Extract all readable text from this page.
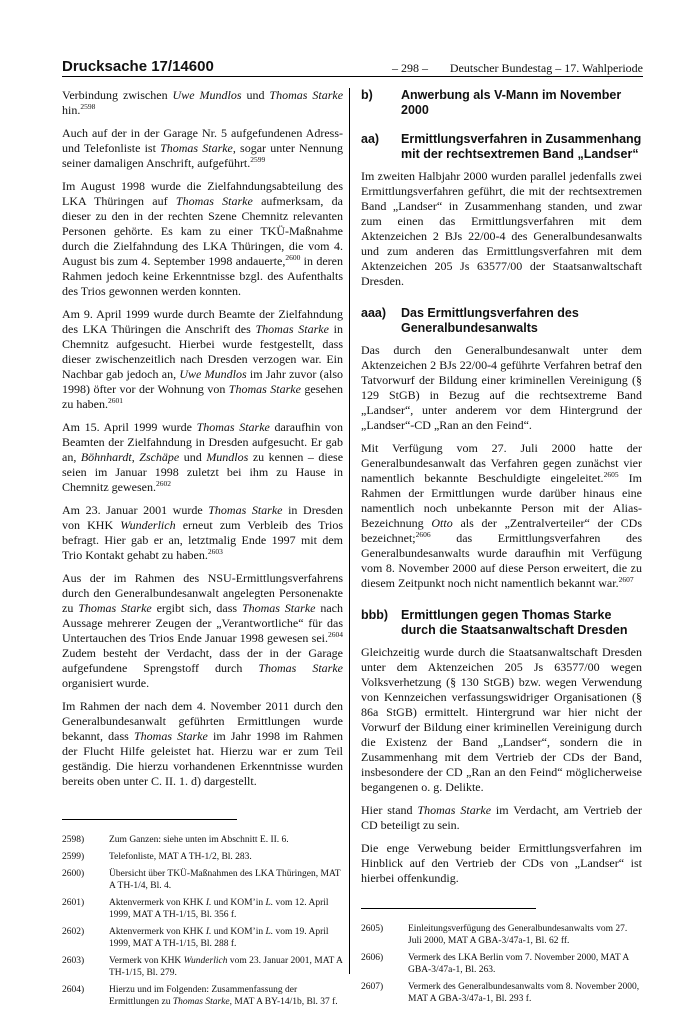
Drucksache 17/14600	– 298 – Deutscher Bundestag – 17. Wahlperiode

Verbindung zwischen Uwe Mundlos und Thomas Starke hin.$^{2598}$

Auch auf der in der Garage Nr. 5 aufgefundenen Adress- und Telefonliste ist Thomas Starke, sogar unter Nennung seiner damaligen Anschrift, aufgeführt.$^{2599}$

Im August 1998 wurde die Zielfahndungsabteilung des LKA Thüringen auf Thomas Starke aufmerksam, da dieser zu den in der rechten Szene Chemnitz relevanten Personen gehörte. Es kam zu einer TKÜ-Maßnahme durch die Zielfahndung des LKA Thüringen, die vom 4. August bis zum 4. September 1998 andauerte,$^{2600}$ in deren Rahmen jedoch keine Erkenntnisse bzgl. des Aufenthalts des Trios gewonnen werden konnten.

Am 9. April 1999 wurde durch Beamte der Zielfahndung des LKA Thüringen die Anschrift des Thomas Starke in Chemnitz aufgesucht. Hierbei wurde festgestellt, dass dieser zwischenzeitlich nach Dresden verzogen war. Ein Nachbar gab jedoch an, Uwe Mundlos im Jahr zuvor (also 1998) öfter vor der Wohnung von Thomas Starke gesehen zu haben.$^{2601}$

Am 15. April 1999 wurde Thomas Starke daraufhin von Beamten der Zielfahndung in Dresden aufgesucht. Er gab an, Böhnhardt, Zschäpe und Mundlos zu kennen – diese seien im Januar 1998 zuletzt bei ihm zu Hause in Chemnitz gewesen.$^{2602}$

Am 23. Januar 2001 wurde Thomas Starke in Dresden von KHK Wunderlich erneut zum Verbleib des Trios befragt. Hier gab er an, letztmalig Ende 1997 mit dem Trio Kontakt gehabt zu haben.$^{2603}$

Aus der im Rahmen des NSU-Ermittlungsverfahrens durch den Generalbundesanwalt angelegten Personenakte zu Thomas Starke ergibt sich, dass Thomas Starke nach Aussage mehrerer Zeugen der „Verantwortliche“ für das Untertauchen des Trios Ende Januar 1998 gewesen sei.$^{2604}$ Zudem besteht der Verdacht, dass der in der Garage aufgefundene Sprengstoff durch Thomas Starke organisiert wurde.

Im Rahmen der nach dem 4. November 2011 durch den Generalbundesanwalt geführten Ermittlungen wurde bekannt, dass Thomas Starke im Jahr 1998 im Rahmen der Flucht Hilfe geleistet hat. Hierzu war er zum Teil geständig. Die hierzu vorhandenen Erkenntnisse wurden bereits oben unter C. II. 1. d) dargestellt.

2598)	Zum Ganzen: siehe unten im Abschnitt E. II. 6.
2599)	Telefonliste, MAT A TH-1/2, Bl. 283.
2600)	Übersicht über TKÜ-Maßnahmen des LKA Thüringen, MAT A TH-1/4, Bl. 4.
2601)	Aktenvermerk von KHK I. und KOM’in L. vom 12. April 1999, MAT A TH-1/15, Bl. 356 f.
2602)	Aktenvermerk von KHK I. und KOM’in L. vom 19. April 1999, MAT A TH-1/15, Bl. 288 f.
2603)	Vermerk von KHK Wunderlich vom 23. Januar 2001, MAT A TH-1/15, Bl. 279.
2604)	Hierzu und im Folgenden: Zusammenfassung der Ermittlungen zu Thomas Starke, MAT A BY-14/1b, Bl. 37 f.
b)	Anwerbung als V-Mann im November 2000
aa)	Ermittlungsverfahren in Zusammenhang mit der rechtsextremen Band „Landser“

Im zweiten Halbjahr 2000 wurden parallel jedenfalls zwei Ermittlungsverfahren geführt, die mit der rechtsextremen Band „Landser“ in Zusammenhang standen, und zwar zum einen das Ermittlungsverfahren mit dem Aktenzeichen 2 BJs 22/00-4 des Generalbundesanwalts und zum anderen das Ermittlungsverfahren mit dem Aktenzeichen 205 Js 63577/00 der Staatsanwaltschaft Dresden.

aaa)	Das Ermittlungsverfahren des Generalbundesanwalts

Das durch den Generalbundesanwalt unter dem Aktenzeichen 2 BJs 22/00-4 geführte Verfahren betraf den Tatvorwurf der Bildung einer kriminellen Vereinigung (§ 129 StGB) in Bezug auf die rechtsextreme Band „Landser“, unter anderem vor dem Hintergrund der „Landser“-CD „Ran an den Feind“.

Mit Verfügung vom 27. Juli 2000 hatte der Generalbundesanwalt das Verfahren gegen zunächst vier namentlich bekannte Beschuldigte eingeleitet.$^{2605}$ Im Rahmen der Ermittlungen wurde darüber hinaus eine namentlich noch unbekannte Person mit der Alias-Bezeichnung Otto als der „Zentralverteiler“ der CDs bezeichnet;$^{2606}$ das Ermittlungsverfahren des Generalbundesanwalts wurde daraufhin mit Verfügung vom 8. November 2000 auf diese Person erweitert, die zu diesem Zeitpunkt noch nicht namentlich bekannt war.$^{2607}$

bbb)	Ermittlungen gegen Thomas Starke durch die Staatsanwaltschaft Dresden

Gleichzeitig wurde durch die Staatsanwaltschaft Dresden unter dem Aktenzeichen 205 Js 63577/00 wegen Volksverhetzung (§ 130 StGB) bzw. wegen Verwendung von Kennzeichen verfassungswidriger Organisationen (§ 86a StGB) ermittelt. Hintergrund war hier nicht der Vorwurf der Bildung einer kriminellen Vereinigung durch die Existenz der Band „Landser“, sondern die in Zusammenhang mit dem Vertrieb der CDs der Band, insbesondere der CD „Ran an den Feind“ möglicherweise begangenen o. g. Delikte.

Hier stand Thomas Starke im Verdacht, am Vertrieb der CD beteiligt zu sein.

Die enge Verwebung beider Ermittlungsverfahren im Hinblick auf den Vertrieb der CDs von „Landser“ ist hierbei offenkundig.

2605)	Einleitungsverfügung des Generalbundesanwalts vom 27. Juli 2000, MAT A GBA-3/47a-1, Bl. 62 ff.
2606)	Vermerk des LKA Berlin vom 7. November 2000, MAT A GBA-3/47a-1, Bl. 263.
2607)	Vermerk des Generalbundesanwalts vom 8. November 2000, MAT A GBA-3/47a-1, Bl. 293 f.
